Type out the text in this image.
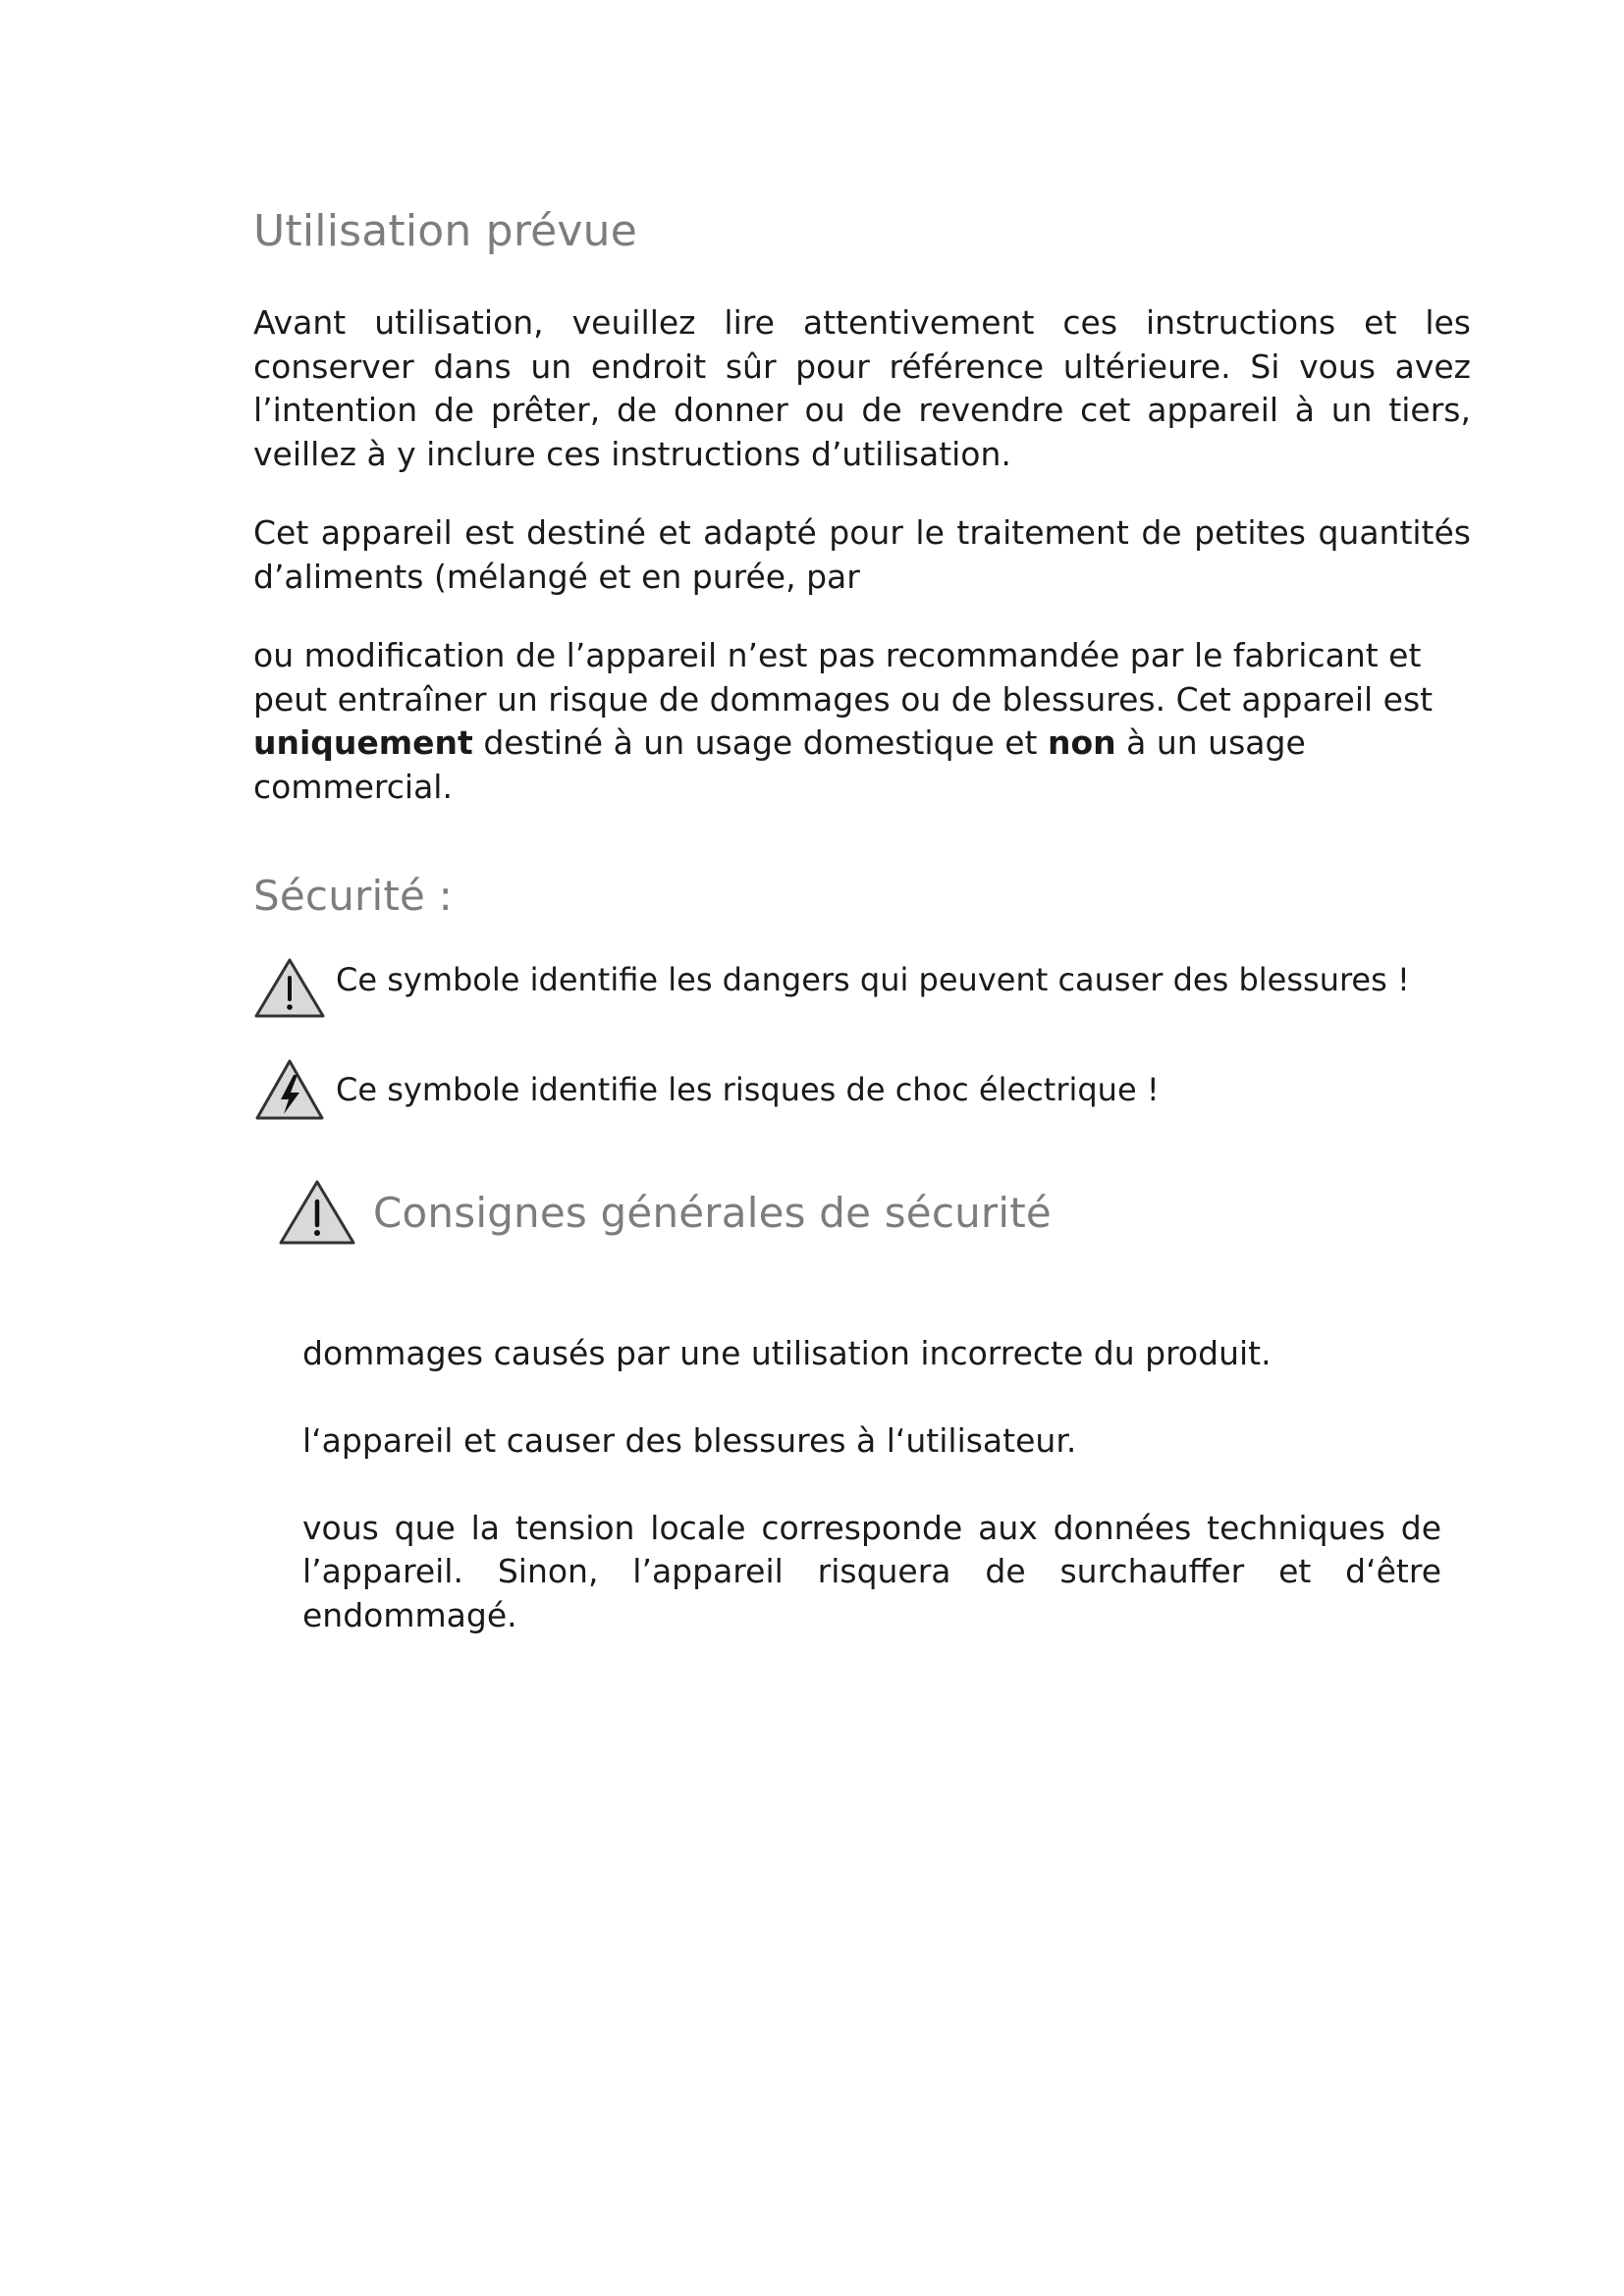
Utilisation prévue

Avant utilisation, veuillez lire attentivement ces instructions et les conserver dans un endroit sûr pour référence ultérieure. Si vous avez l’intention de prêter, de donner ou de revendre cet appareil à un tiers, veillez à y inclure ces instructions d’utilisation.

Cet appareil est destiné et adapté pour le traitement de petites quantités d’aliments (mélangé et en purée, par

ou modification de l’appareil n’est pas recommandée par le fabricant et peut entraîner un risque de dommages ou de blessures. Cet appareil est uniquement destiné à un usage domestique et non à un usage commercial.

Sécurité :
Ce symbole identifie les dangers qui peuvent causer des blessures !
Ce symbole identifie les risques de choc électrique !
Consignes générales de sécurité

dommages causés par une utilisation incorrecte du produit.

l‘appareil et causer des blessures à l‘utilisateur.

vous que la tension locale corresponde aux données techniques de l’appareil. Sinon, l’appareil risquera de surchauffer et d‘être endommagé.
